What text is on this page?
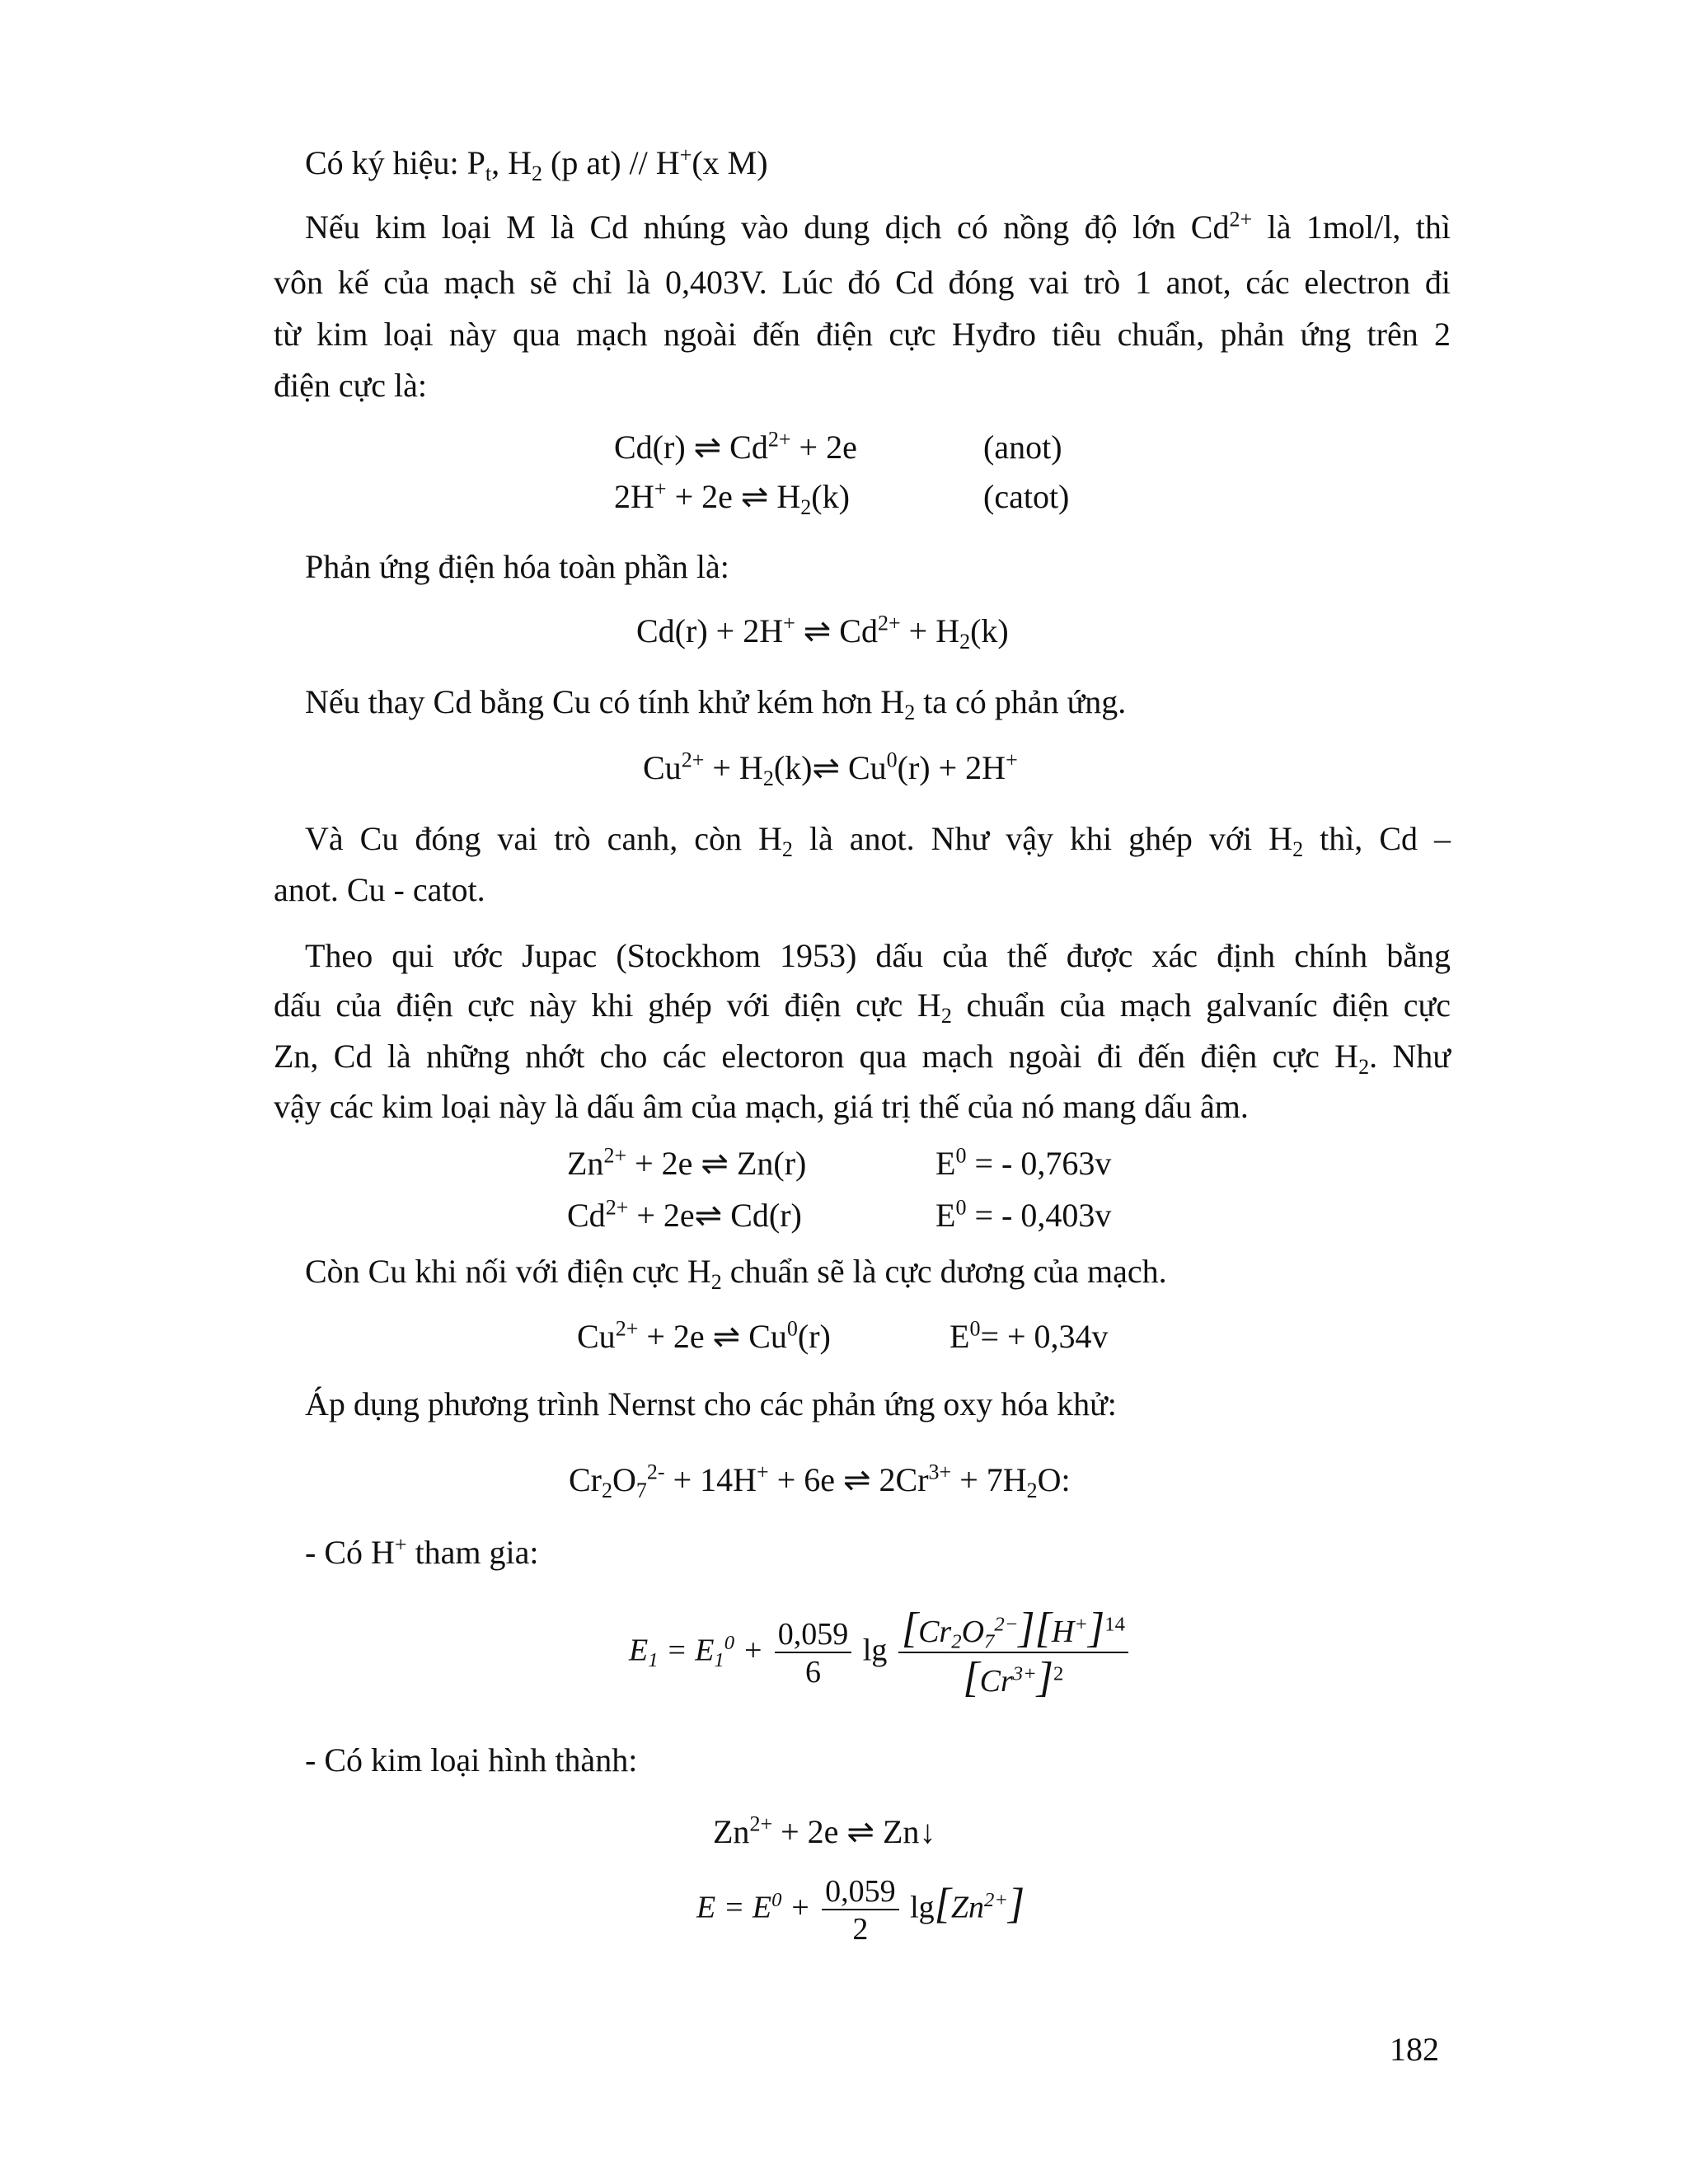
Có ký hiệu: $P_t$, $H_2$ (p at) // H+(x M)
Nếu kim loại M là Cd nhúng vào dung dịch có nồng độ lớn $Cd^{2+}$ là 1mol/l, thì
vôn kế của mạch sẽ chỉ là 0,403V. Lúc đó Cd đóng vai trò 1 anot, các electron đi
từ kim loại này qua mạch ngoài đến điện cực Hyđro tiêu chuẩn, phản ứng trên 2
điện cực là:
Cd(r) ⇌ $Cd^{2+} + 2e$	(anot)
2H+ + 2e ⇌ $H_2(k)$	(catot)
Phản ứng điện hóa toàn phần là:
Cd(r) + 2H+ ⇌ $Cd^{2+} + H_2(k)$
Nếu thay Cd bằng Cu có tính khử kém hơn $H_2$ ta có phản ứng.
$Cu^{2+}$ + $H_2(k)\rightleftharpoons$ $Cu^0(r) + 2H^+$
Và Cu đóng vai trò canh, còn $H_2$ là anot. Như vậy khi ghép với $H_2$ thì, Cd –
anot. Cu - catot.
Theo qui ước Jupac (Stockhom 1953) dấu của thế được xác định chính bằng
dấu của điện cực này khi ghép với điện cực $H_2$ chuẩn của mạch galvaníc điện cực
Zn, Cd là những nhớt cho các electoron qua mạch ngoài đi đến điện cực $H_2$. Như
vậy các kim loại này là dấu âm của mạch, giá trị thế của nó mang dấu âm.
$Zn^{2+} + 2e$ ⇌ Zn(r)	$E^0$ = - 0,763v
$Cd^{2+}$ + 2e⇌ Cd(r)	$E^0$ = - 0,403v
Còn Cu khi nối với điện cực $H_2$ chuẩn sẽ là cực dương của mạch.
$Cu^{2+} + 2e$ ⇌ Cu$^0$(r)	$E^0= + 0,34v$
Áp dụng phương trình Nernst cho các phản ứng oxy hóa khử:
$Cr_2O_7^{2-} + 14H^+ + 6e$ ⇌ $2Cr^{3+} + 7H_2O$:
- Có H+ tham gia:
$E_1 = E_1^0 + \frac{0,059}{6}$ $\lg \frac{[Cr_2O_7^{2-}][H^+]^{14}}{[Cr^{3+}]^2}$
- Có kim loại hình thành:
$Zn^{2+} + 2e$ ⇌ Zn↓
$E = E^0 + \frac{0,059}{2} \lg[Zn^{2+}]$
182
